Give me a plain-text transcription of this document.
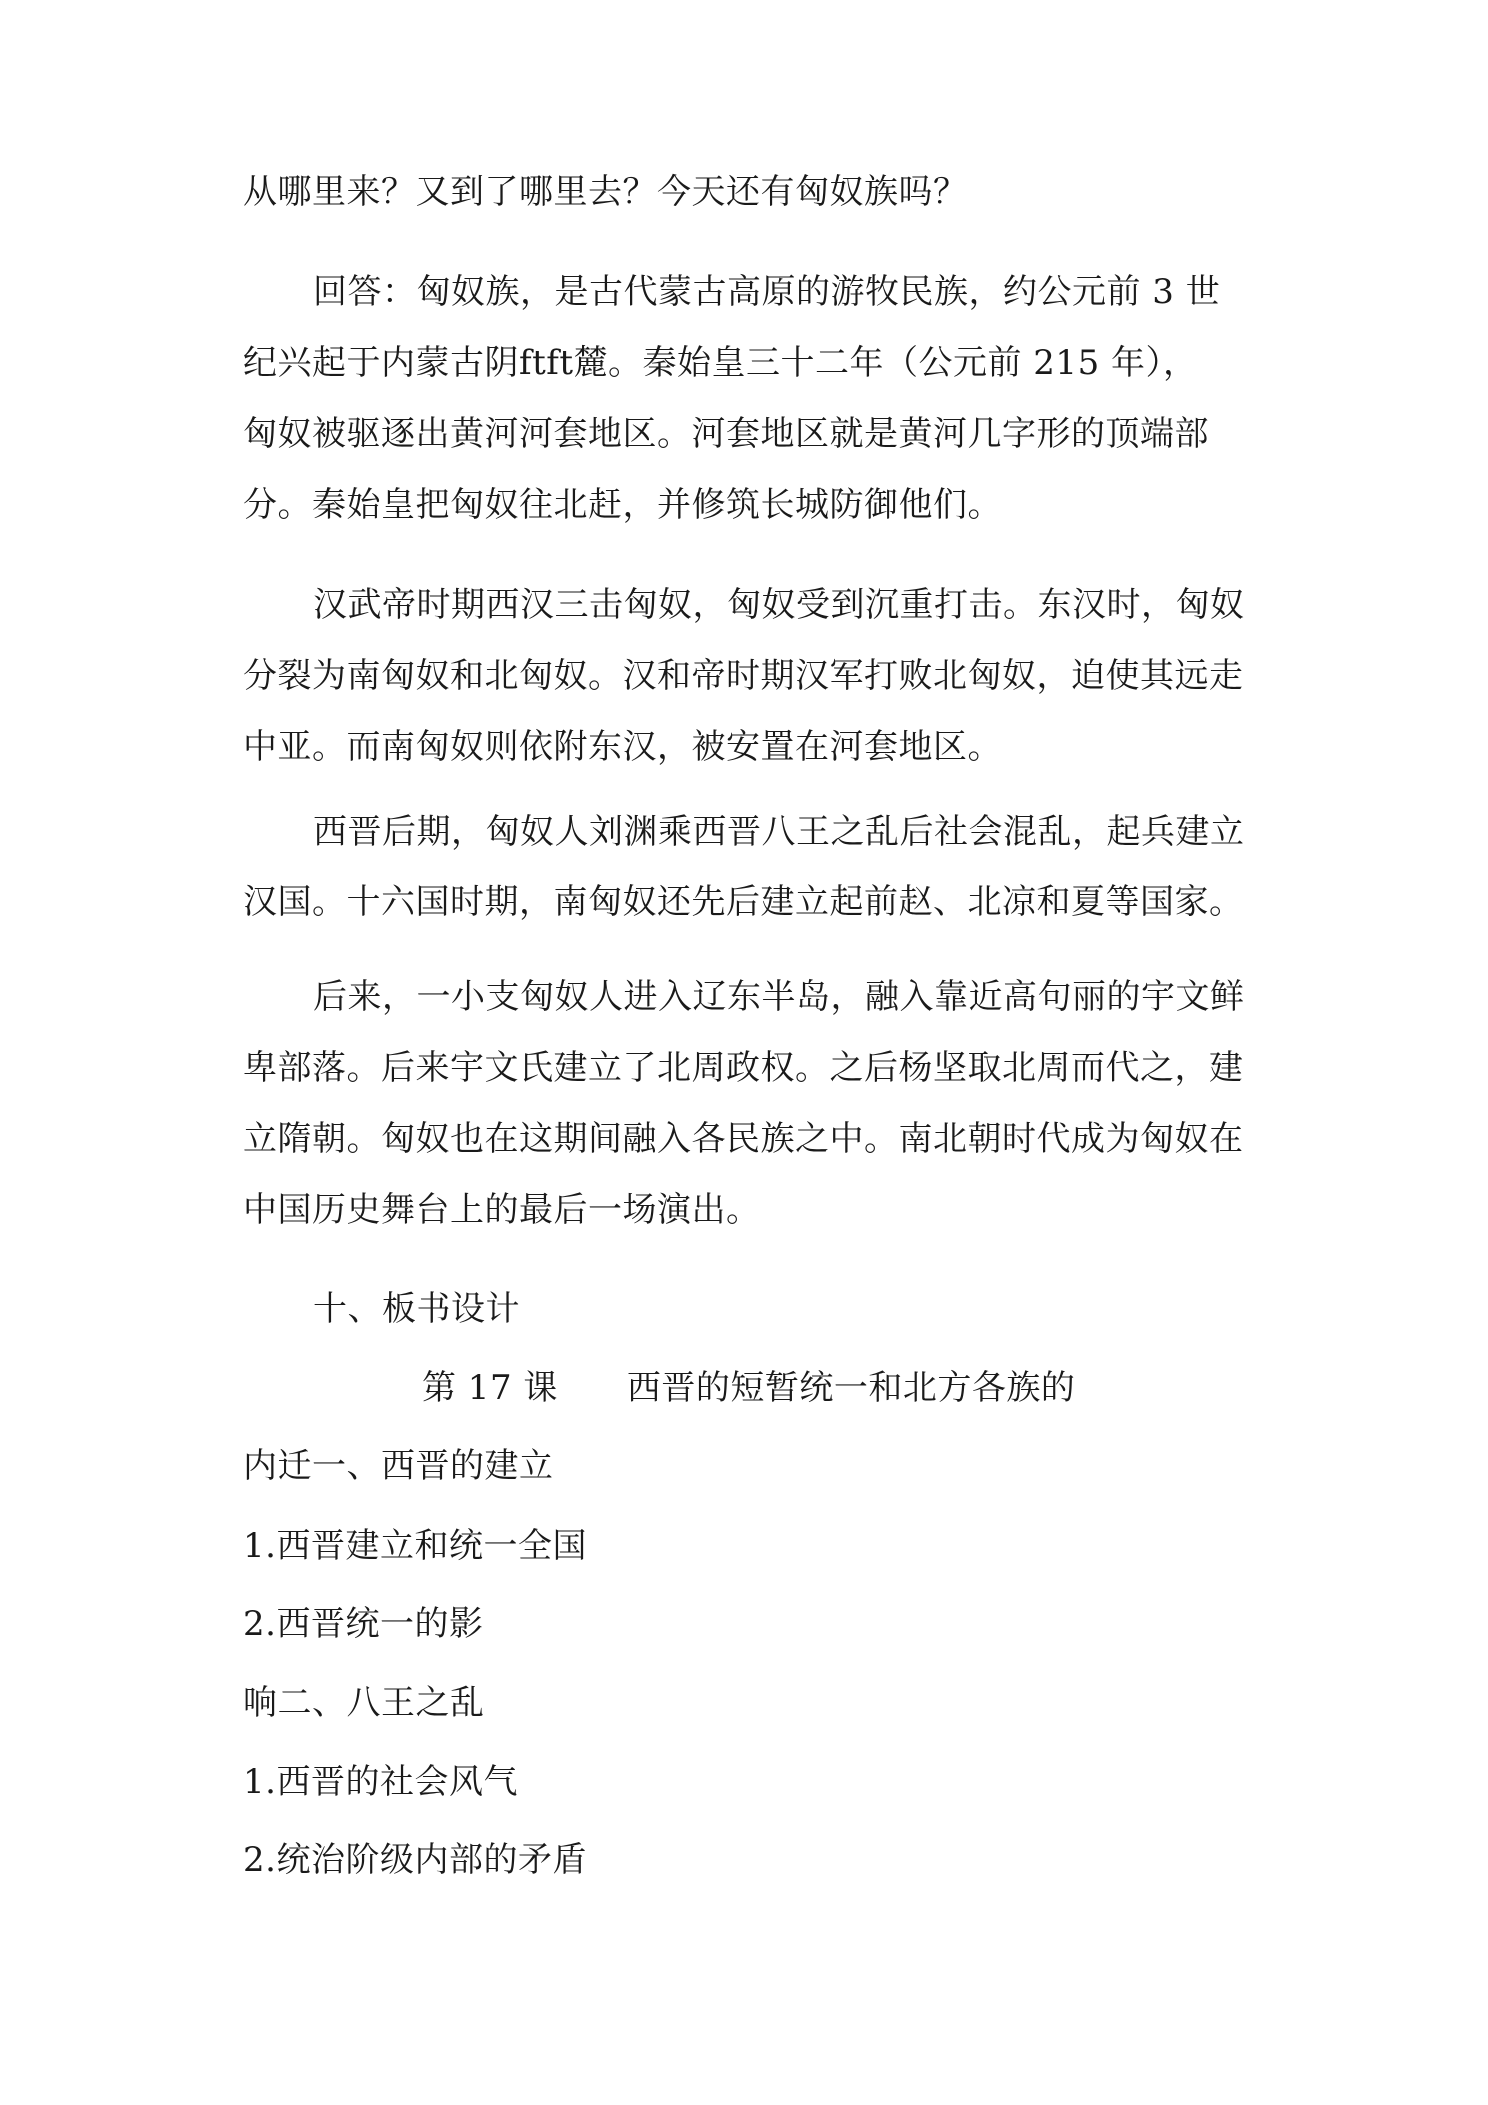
从哪里来？又到了哪里去？今天还有匈奴族吗？
回答：匈奴族，是古代蒙古高原的游牧民族，约公元前 3 世
纪兴起于内蒙古阴ftft麓。秦始皇三十二年（公元前 215 年），
匈奴被驱逐出黄河河套地区。河套地区就是黄河几字形的顶端部
分。秦始皇把匈奴往北赶，并修筑长城防御他们。
汉武帝时期西汉三击匈奴，匈奴受到沉重打击。东汉时，匈奴
分裂为南匈奴和北匈奴。汉和帝时期汉军打败北匈奴，迫使其远走
中亚。而南匈奴则依附东汉，被安置在河套地区。
西晋后期，匈奴人刘渊乘西晋八王之乱后社会混乱，起兵建立
汉国。十六国时期，南匈奴还先后建立起前赵、北凉和夏等国家。
后来，一小支匈奴人进入辽东半岛，融入靠近高句丽的宇文鲜
卑部落。后来宇文氏建立了北周政权。之后杨坚取北周而代之，建
立隋朝。匈奴也在这期间融入各民族之中。南北朝时代成为匈奴在
中国历史舞台上的最后一场演出。
十、板书设计
第 17 课　　西晋的短暂统一和北方各族的
内迁一、西晋的建立
1.西晋建立和统一全国
2.西晋统一的影
响二、八王之乱
1.西晋的社会风气
2.统治阶级内部的矛盾
